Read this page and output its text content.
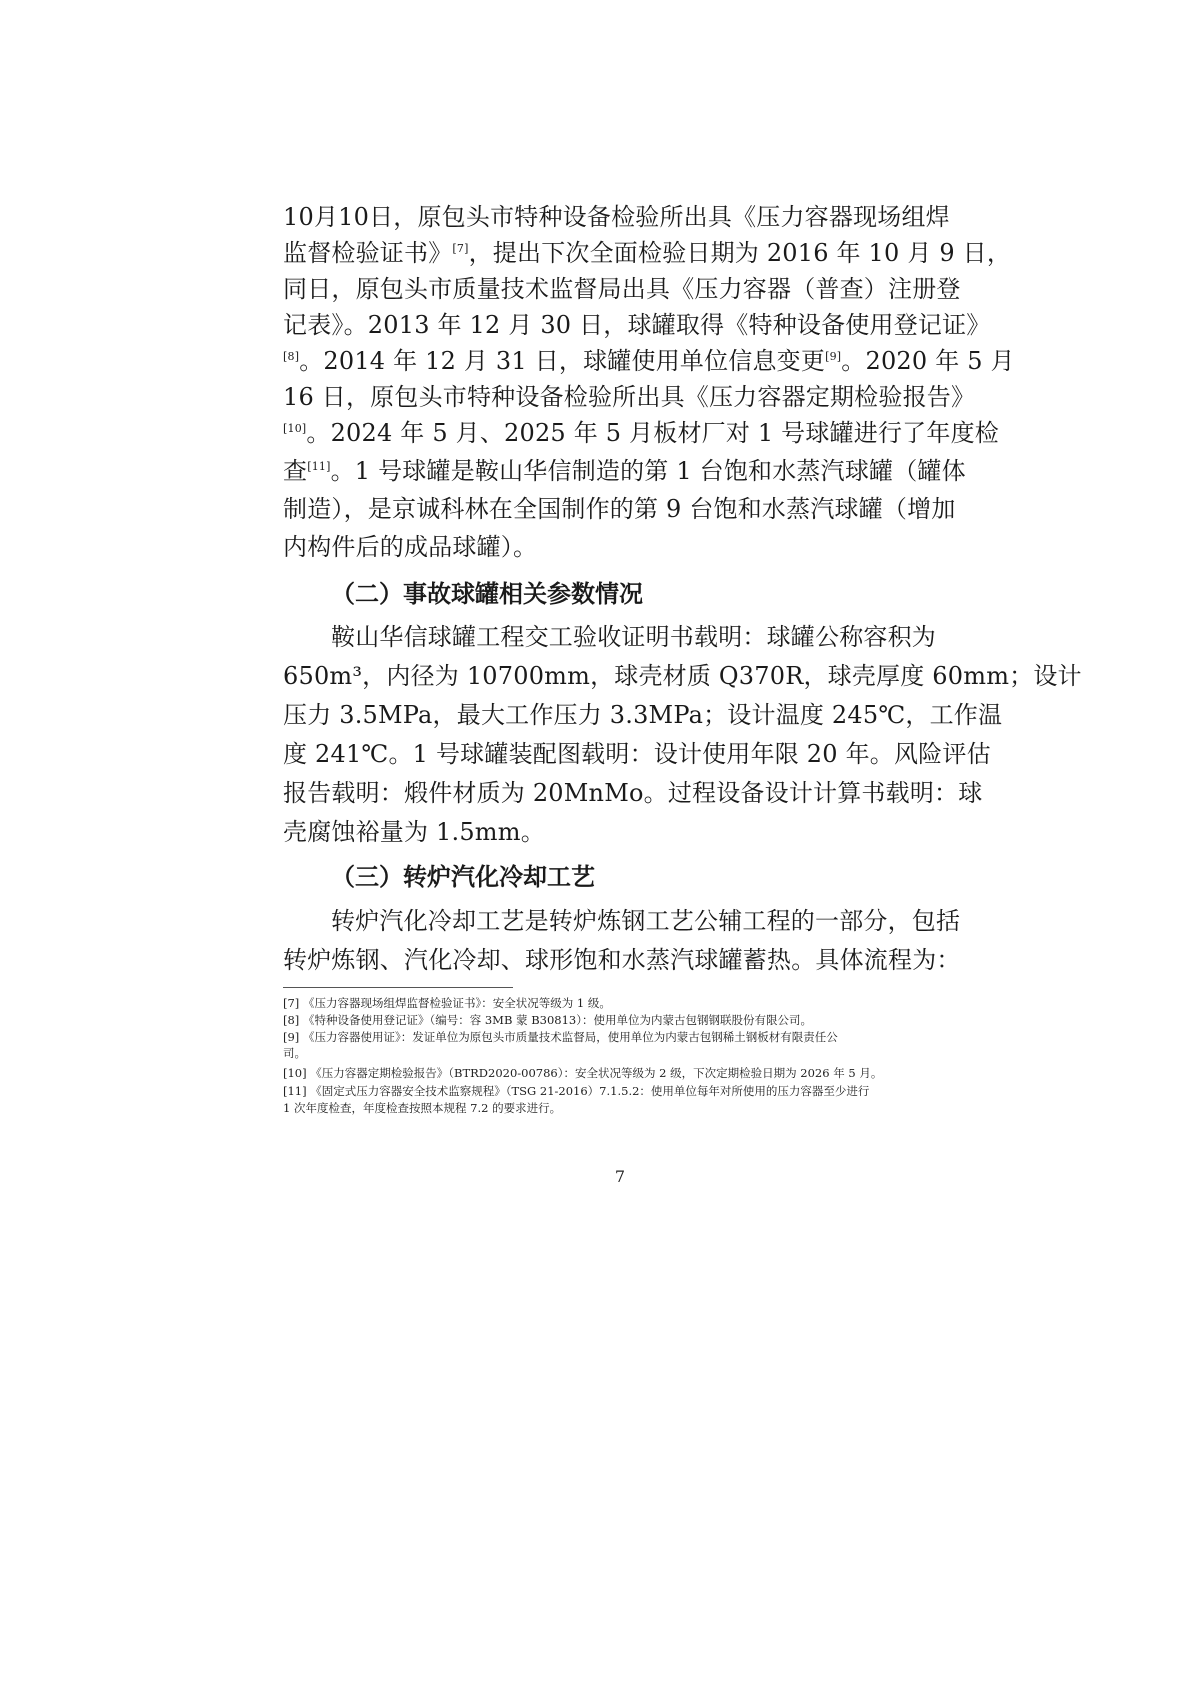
10月10日，原包头市特种设备检验所出具《压力容器现场组焊
监督检验证书》[7]，提出下次全面检验日期为 2016 年 10 月 9 日，
同日，原包头市质量技术监督局出具《压力容器（普查）注册登
记表》。2013 年 12 月 30 日，球罐取得《特种设备使用登记证》
[8]。2014 年 12 月 31 日，球罐使用单位信息变更[9]。2020 年 5 月
16 日，原包头市特种设备检验所出具《压力容器定期检验报告》
[10]。2024 年 5 月、2025 年 5 月板材厂对 1 号球罐进行了年度检
查[11]。1 号球罐是鞍山华信制造的第 1 台饱和水蒸汽球罐（罐体
制造），是京诚科林在全国制作的第 9 台饱和水蒸汽球罐（增加
内构件后的成品球罐）。
（二）事故球罐相关参数情况
鞍山华信球罐工程交工验收证明书载明：球罐公称容积为
650m³，内径为 10700mm，球壳材质 Q370R，球壳厚度 60mm；设计
压力 3.5MPa，最大工作压力 3.3MPa；设计温度 245℃，工作温
度 241℃。1 号球罐装配图载明：设计使用年限 20 年。风险评估
报告载明：煅件材质为 20MnMo。过程设备设计计算书载明：球
壳腐蚀裕量为 1.5mm。
（三）转炉汽化冷却工艺
转炉汽化冷却工艺是转炉炼钢工艺公辅工程的一部分，包括
转炉炼钢、汽化冷却、球形饱和水蒸汽球罐蓄热。具体流程为：
[7] 《压力容器现场组焊监督检验证书》：安全状况等级为 1 级。
[8] 《特种设备使用登记证》（编号：容 3MB 蒙 B30813）：使用单位为内蒙古包钢钢联股份有限公司。
[9] 《压力容器使用证》：发证单位为原包头市质量技术监督局，使用单位为内蒙古包钢稀土钢板材有限责任公
司。
[10] 《压力容器定期检验报告》（BTRD2020-00786）：安全状况等级为 2 级，下次定期检验日期为 2026 年 5 月。
[11] 《固定式压力容器安全技术监察规程》（TSG 21-2016）7.1.5.2：使用单位每年对所使用的压力容器至少进行
1 次年度检查，年度检查按照本规程 7.2 的要求进行。
7
